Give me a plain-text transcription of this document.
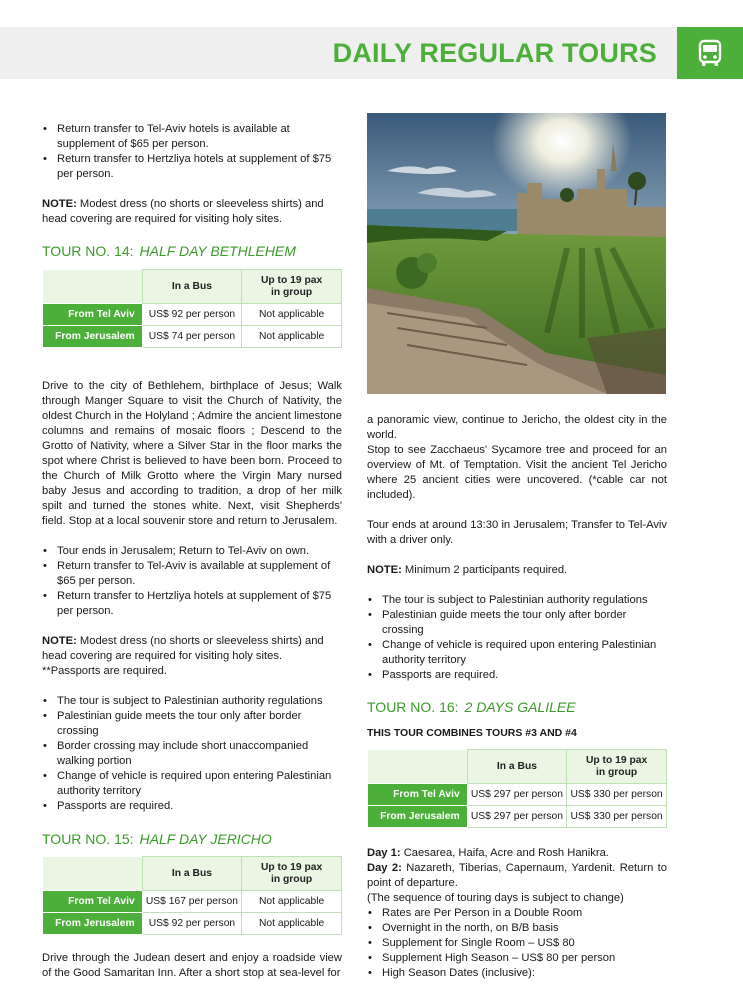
DAILY REGULAR TOURS
• Return transfer to Tel-Aviv hotels is available at supplement of $65 per person.
• Return transfer to Hertzliya hotels at supplement of $75 per person.

NOTE: Modest dress (no shorts or sleeveless shirts) and head covering are required for visiting holy sites.

TOUR NO. 14: HALF DAY BETHLEHEM
	In a Bus	Up to 19 pax in group
From Tel Aviv	US$ 92 per person	Not applicable
From Jerusalem	US$ 74 per person	Not applicable

Drive to the city of Bethlehem, birthplace of Jesus; Walk through Manger Square to visit the Church of Nativity, the oldest Church in the Holyland ; Admire the ancient limestone columns and remains of mosaic floors ; Descend to the Grotto of Nativity, where a Silver Star in the floor marks the spot where Christ is believed to have been born. Proceed to the Church of Milk Grotto where the Virgin Mary nursed baby Jesus and according to tradition, a drop of her milk spilt and turned the stones white. Next, visit Shepherds' field. Stop at a local souvenir store and return to Jerusalem.

• Tour ends in Jerusalem; Return to Tel-Aviv on own.
• Return transfer to Tel-Aviv is available at supplement of $65 per person.
• Return transfer to Hertzliya hotels at supplement of $75 per person.

NOTE: Modest dress (no shorts or sleeveless shirts) and head covering are required for visiting holy sites. **Passports are required.

• The tour is subject to Palestinian authority regulations
• Palestinian guide meets the tour only after border crossing
• Border crossing may include short unaccompanied walking portion
• Change of vehicle is required upon entering Palestinian authority territory
• Passports are required.
TOUR NO. 15: HALF DAY JERICHO
	In a Bus	Up to 19 pax in group
From Tel Aviv	US$ 167 per person	Not applicable
From Jerusalem	US$ 92 per person	Not applicable

Drive through the Judean desert and enjoy a roadside view of the Good Samaritan Inn. After a short stop at sea-level for

a panoramic view, continue to Jericho, the oldest city in the world.

Stop to see Zacchaeus' Sycamore tree and proceed for an overview of Mt. of Temptation. Visit the ancient Tel Jericho where 25 ancient cities were uncovered. (*cable car not included).

Tour ends at around 13:30 in Jerusalem; Transfer to Tel-Aviv with a driver only.

NOTE: Minimum 2 participants required.

• The tour is subject to Palestinian authority regulations
• Palestinian guide meets the tour only after border crossing
• Change of vehicle is required upon entering Palestinian authority territory
• Passports are required.
TOUR NO. 16: 2 DAYS GALILEE

THIS TOUR COMBINES TOURS #3 AND #4

	In a Bus	Up to 19 pax in group
From Tel Aviv	US$ 297 per person	US$ 330 per person
From Jerusalem	US$ 297 per person	US$ 330 per person

Day 1: Caesarea, Haifa, Acre and Rosh Hanikra.

Day 2: Nazareth, Tiberias, Capernaum, Yardenit. Return to point of departure.

(The sequence of touring days is subject to change)

• Rates are Per Person in a Double Room
• Overnight in the north, on B/B basis
• Supplement for Single Room – US$ 80
• Supplement High Season – US$ 80 per person
• High Season Dates (inclusive):
